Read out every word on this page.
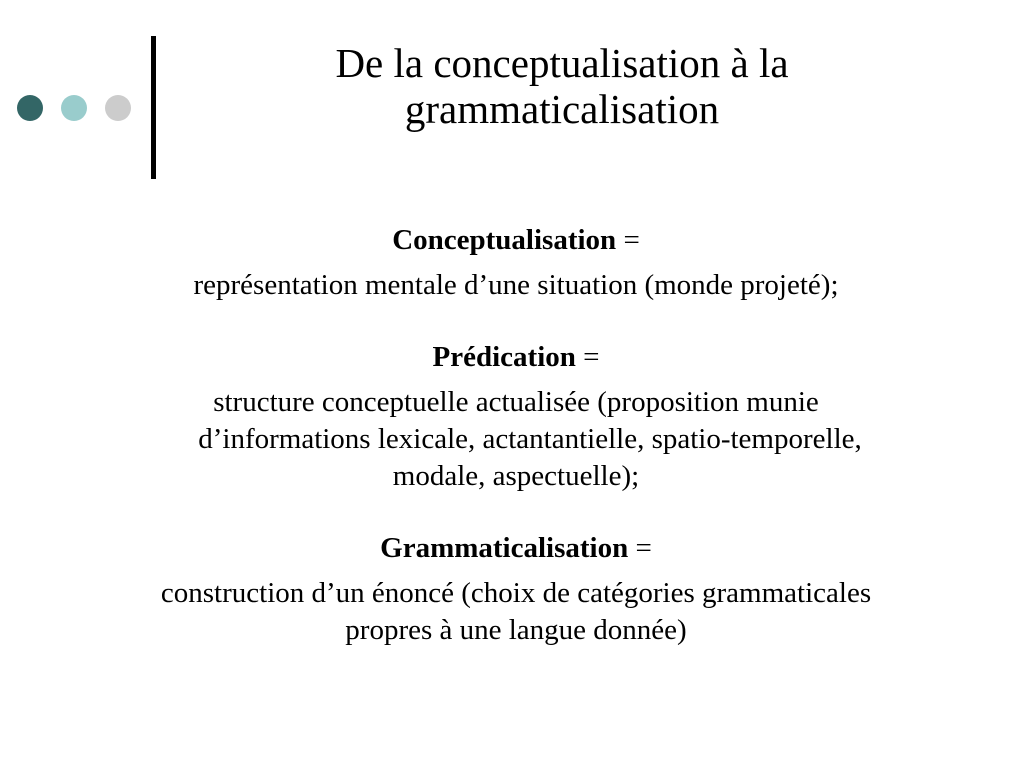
De la conceptualisation à la
grammaticalisation
Conceptualisation =
représentation mentale d’une situation (monde projeté);
Prédication =
structure conceptuelle actualisée (proposition munie
d’informations lexicale, actantantielle, spatio-temporelle,
modale, aspectuelle);
Grammaticalisation =
construction d’un énoncé (choix de catégories grammaticales
propres à une langue donnée)
